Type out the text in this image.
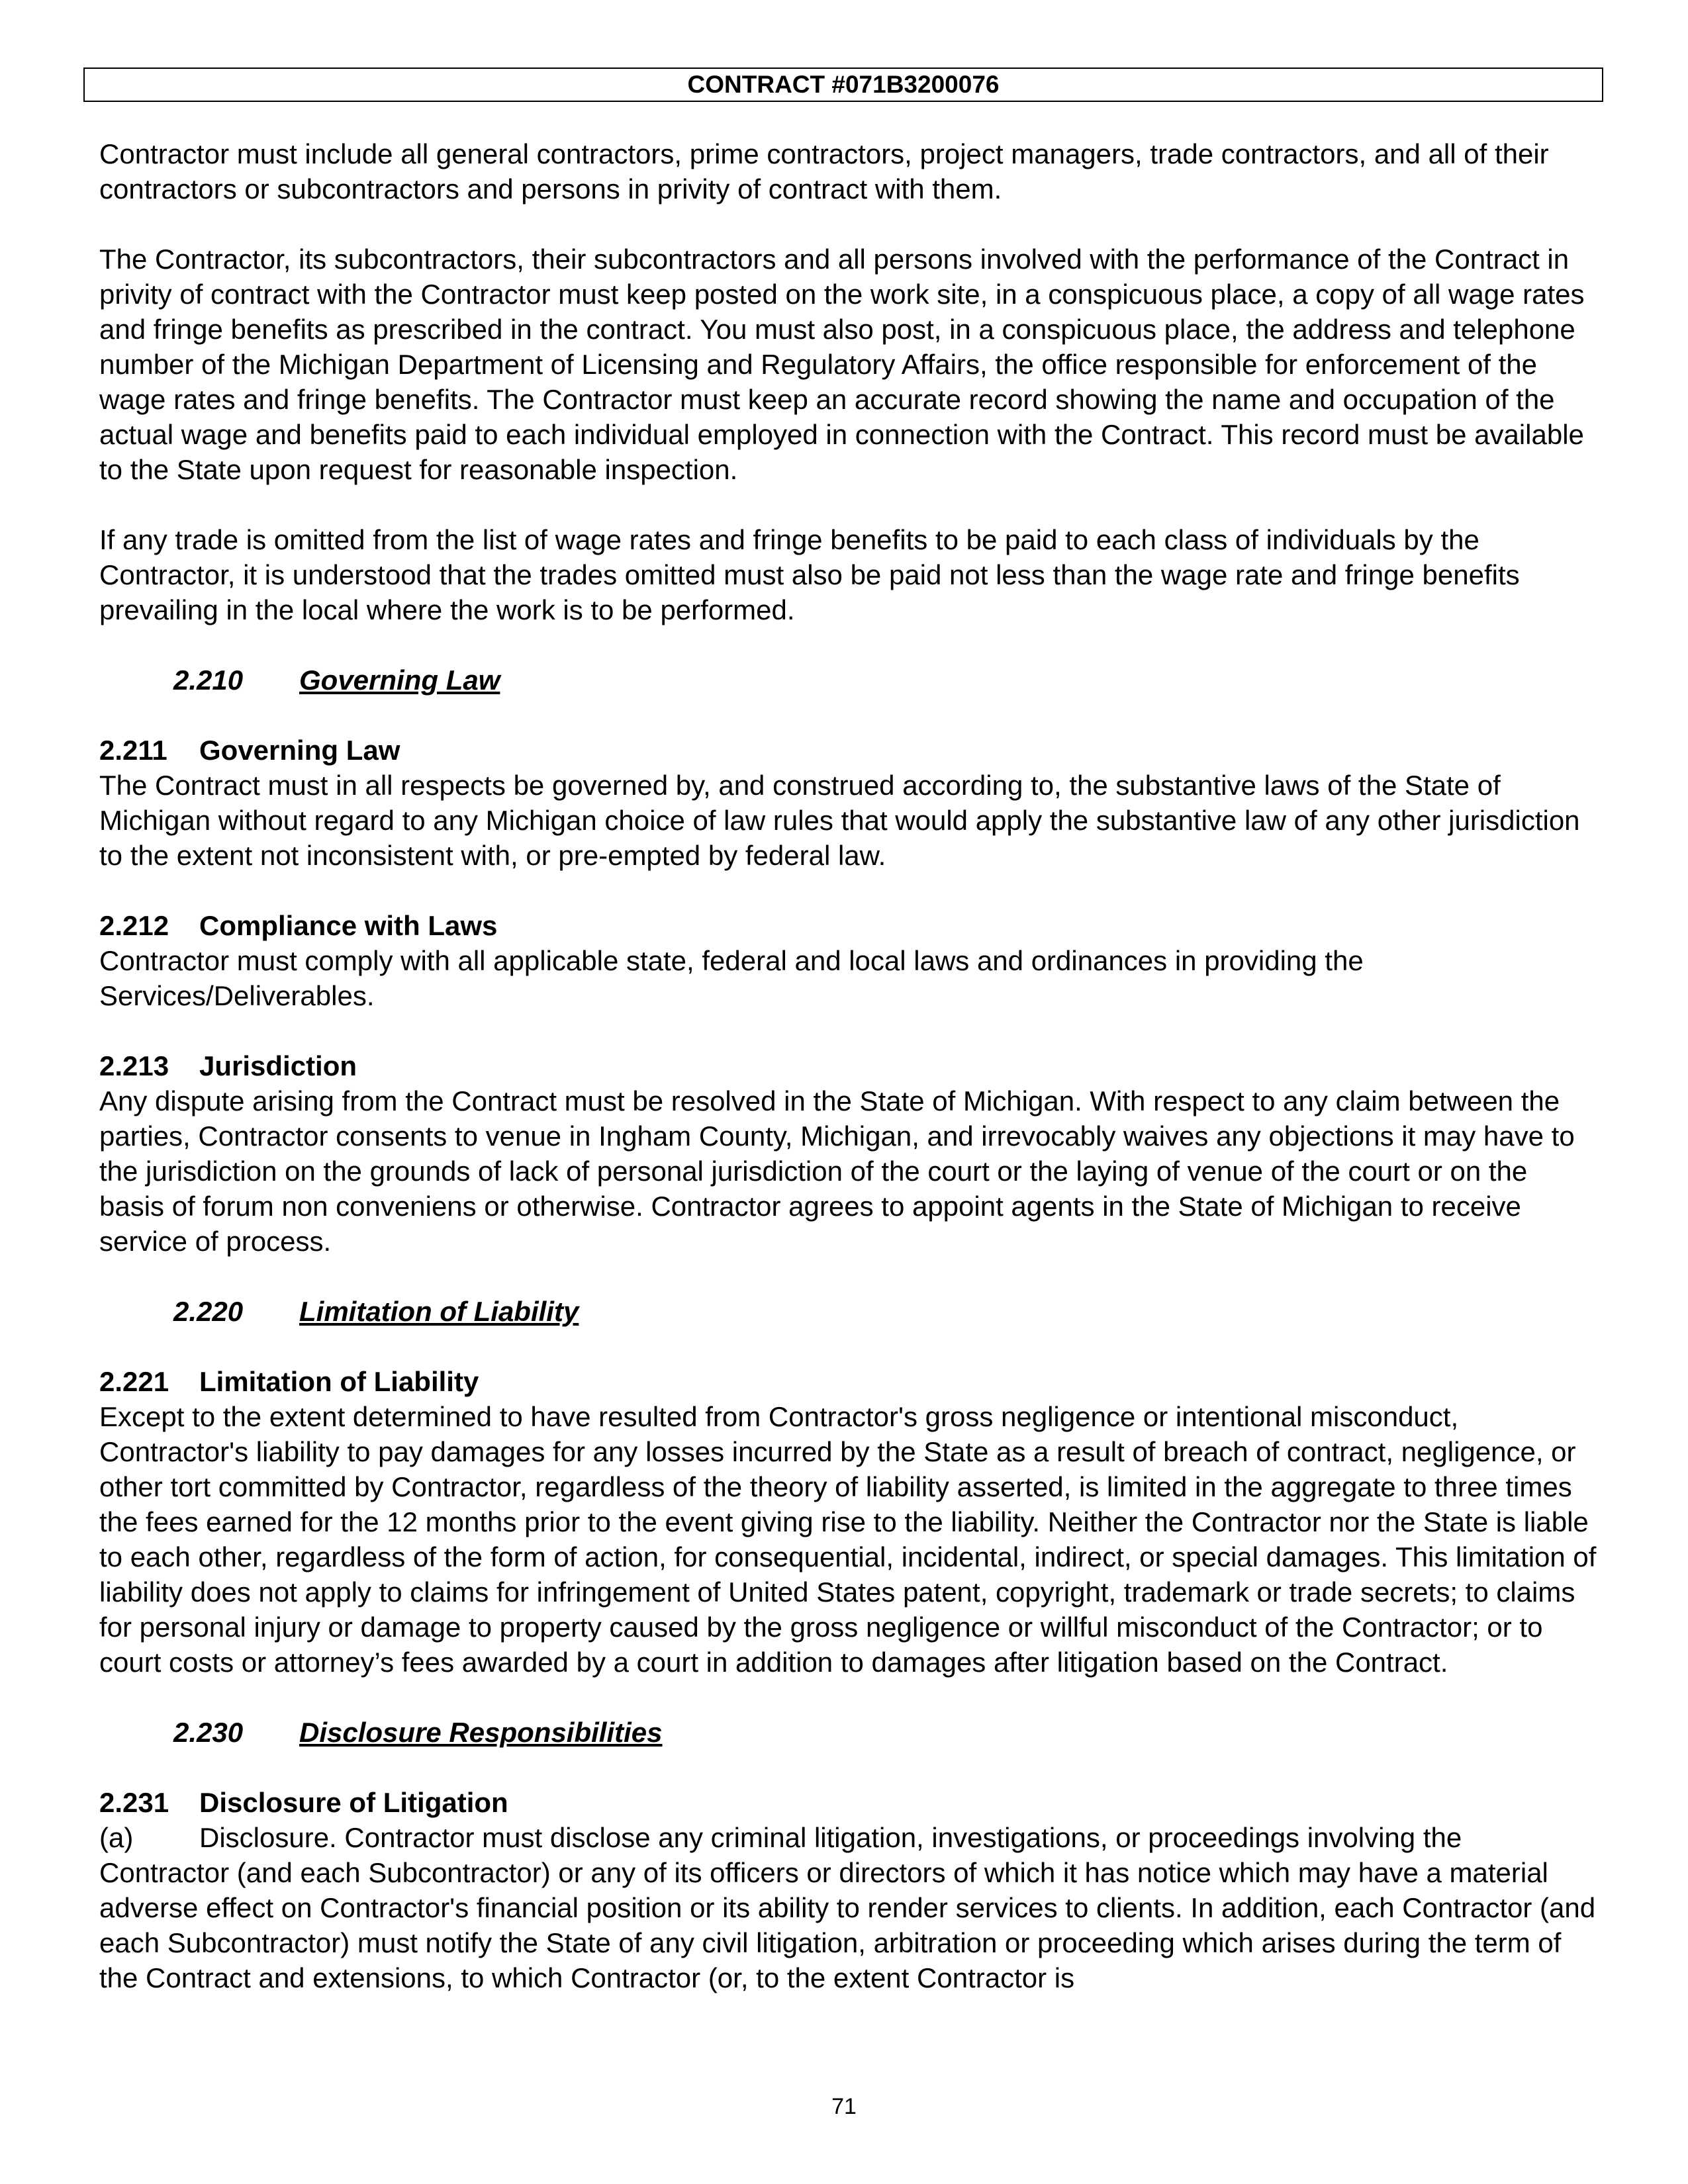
CONTRACT #071B3200076

Contractor must include all general contractors, prime contractors, project managers, trade contractors, and all of their contractors or subcontractors and persons in privity of contract with them.

The Contractor, its subcontractors, their subcontractors and all persons involved with the performance of the Contract in privity of contract with the Contractor must keep posted on the work site, in a conspicuous place, a copy of all wage rates and fringe benefits as prescribed in the contract. You must also post, in a conspicuous place, the address and telephone number of the Michigan Department of Licensing and Regulatory Affairs, the office responsible for enforcement of the wage rates and fringe benefits. The Contractor must keep an accurate record showing the name and occupation of the actual wage and benefits paid to each individual employed in connection with the Contract. This record must be available to the State upon request for reasonable inspection.

If any trade is omitted from the list of wage rates and fringe benefits to be paid to each class of individuals by the Contractor, it is understood that the trades omitted must also be paid not less than the wage rate and fringe benefits prevailing in the local where the work is to be performed.

2.210 Governing Law
2.211 Governing Law

The Contract must in all respects be governed by, and construed according to, the substantive laws of the State of Michigan without regard to any Michigan choice of law rules that would apply the substantive law of any other jurisdiction to the extent not inconsistent with, or pre-empted by federal law.

2.212 Compliance with Laws

Contractor must comply with all applicable state, federal and local laws and ordinances in providing the Services/Deliverables.

2.213 Jurisdiction

Any dispute arising from the Contract must be resolved in the State of Michigan. With respect to any claim between the parties, Contractor consents to venue in Ingham County, Michigan, and irrevocably waives any objections it may have to the jurisdiction on the grounds of lack of personal jurisdiction of the court or the laying of venue of the court or on the basis of forum non conveniens or otherwise. Contractor agrees to appoint agents in the State of Michigan to receive service of process.

2.220 Limitation of Liability
2.221 Limitation of Liability

Except to the extent determined to have resulted from Contractor's gross negligence or intentional misconduct, Contractor's liability to pay damages for any losses incurred by the State as a result of breach of contract, negligence, or other tort committed by Contractor, regardless of the theory of liability asserted, is limited in the aggregate to three times the fees earned for the 12 months prior to the event giving rise to the liability. Neither the Contractor nor the State is liable to each other, regardless of the form of action, for consequential, incidental, indirect, or special damages. This limitation of liability does not apply to claims for infringement of United States patent, copyright, trademark or trade secrets; to claims for personal injury or damage to property caused by the gross negligence or willful misconduct of the Contractor; or to court costs or attorney’s fees awarded by a court in addition to damages after litigation based on the Contract.

2.230 Disclosure Responsibilities
2.231 Disclosure of Litigation

(a) Disclosure. Contractor must disclose any criminal litigation, investigations, or proceedings involving the Contractor (and each Subcontractor) or any of its officers or directors of which it has notice which may have a material adverse effect on Contractor's financial position or its ability to render services to clients. In addition, each Contractor (and each Subcontractor) must notify the State of any civil litigation, arbitration or proceeding which arises during the term of the Contract and extensions, to which Contractor (or, to the extent Contractor is

71
